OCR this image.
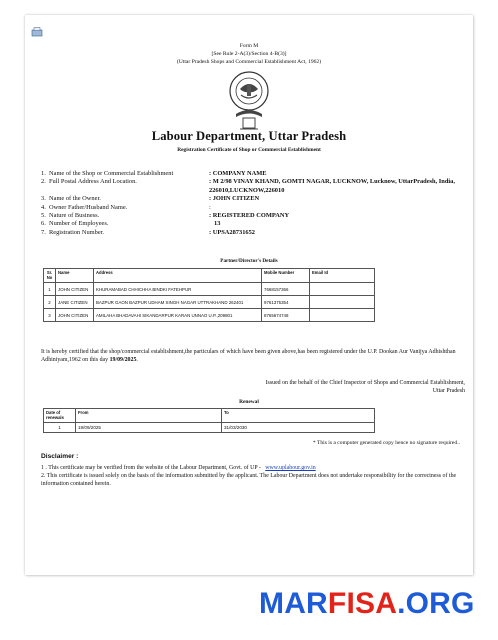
Form M
[See Rule 2-A(3)/Section 4-B(3)]
(Uttar Pradesh Shops and Commercial Establishment Act, 1962)
Labour Department, Uttar Pradesh
Registration Certificate of Shop or Commercial Establishment
1. Name of the Shop or Commercial Establishment	: COMPANY NAME
2. Full Postal Address And Location.	: M 2/98 VINAY KHAND, GOMTI NAGAR, LUCKNOW, Lucknow, UttarPradesh, India, 226010,LUCKNOW,226010
3. Name of the Owner.	: JOHN CITIZEN
4. Owner Father/Husband Name.	:
5. Nature of Business.	: REGISTERED COMPANY
6. Number of Employees.	13
7. Registration Number.	: UPSA28731652
Partner/Director's Details
Sr. No	Name	Address	Mobile Number	Email Id
1	JOHN CITIZEN	KHURAMABAD CHHICHHA BINDKI FATEHPUR	7668157366	
2	JANE CITIZEN	BAZPUR GAON BAZPUR UDHAM SINGH NAGAR UTTRAKHAND 262401	9761375354	
3	JOHN CITIZEN	AMILAHA BHADAVAHI SIKANDARPUR KARAN UNNAO U.P.,209801	8765674748	
It is hereby certified that the shop/commercial establishment,the particulars of which have been given above,has been registered under the U.P. Dookan Aur Vanijya Adhishthan Adhiniyam,1962 on this day 19/09/2025.
Issued on the behalf of the Chief Inspector of Shops and Commercial Establishment,
Uttar Pradesh
Renewal
Date of renewals	From	To
1	19/09/2025	31/03/2030
* This is a computer generated copy hence no signature required..
Disclaimer :
1 . This certificate may be verified from the website of the Labour Department, Govt. of UP - www.uplabour.gov.in
2. This certificate is issued solely on the basis of the information submitted by the applicant. The Labour Department does not undertake responsibility for the correctness of the information contained herein.
MARFISA.ORG
